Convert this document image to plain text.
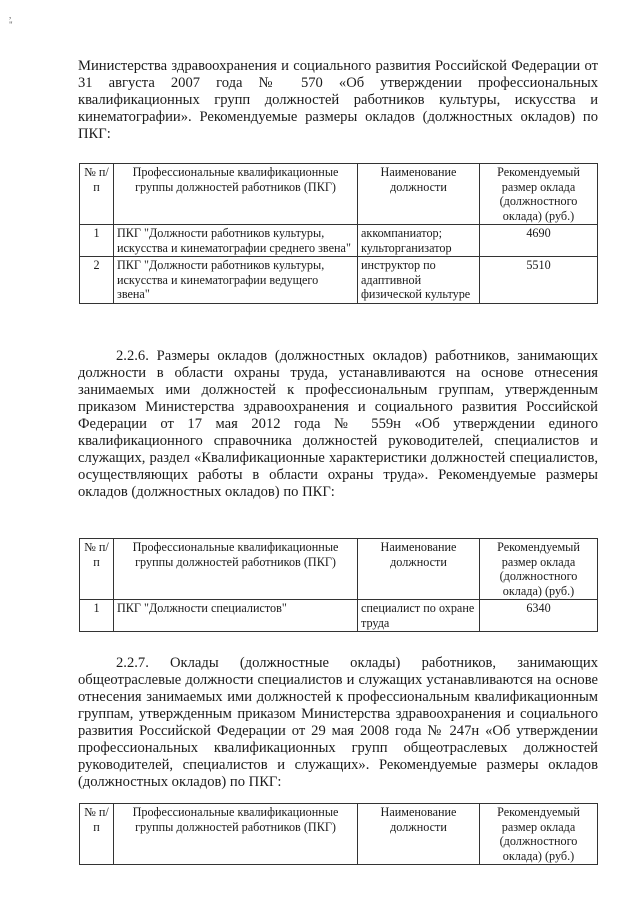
, "

Министерства здравоохранения и социального развития Российской Федерации от 31 августа 2007 года № 570 «Об утверждении профессиональных квалификационных групп должностей работников культуры, искусства и кинематографии». Рекомендуемые размеры окладов (должностных окладов) по ПКГ:

№ п/п	Профессиональные квалификационные группы должностей работников (ПКГ)	Наименование должности	Рекомендуемый размер оклада (должностного оклада) (руб.)
1	ПКГ "Должности работников культуры, искусства и кинематографии среднего звена"	аккомпаниатор; культорганизатор	4690
2	ПКГ "Должности работников культуры, искусства и кинематографии ведущего звена"	инструктор по адаптивной физической культуре	5510

2.2.6. Размеры окладов (должностных окладов) работников, занимающих должности в области охраны труда, устанавливаются на основе отнесения занимаемых ими должностей к профессиональным группам, утвержденным приказом Министерства здравоохранения и социального развития Российской Федерации от 17 мая 2012 года № 559н «Об утверждении единого квалификационного справочника должностей руководителей, специалистов и служащих, раздел «Квалификационные характеристики должностей специалистов, осуществляющих работы в области охраны труда». Рекомендуемые размеры окладов (должностных окладов) по ПКГ:

№ п/п	Профессиональные квалификационные группы должностей работников (ПКГ)	Наименование должности	Рекомендуемый размер оклада (должностного оклада) (руб.)
1	ПКГ "Должности специалистов"	специалист по охране труда	6340

2.2.7. Оклады (должностные оклады) работников, занимающих общеотраслевые должности специалистов и служащих устанавливаются на основе отнесения занимаемых ими должностей к профессиональным квалификационным группам, утвержденным приказом Министерства здравоохранения и социального развития Российской Федерации от 29 мая 2008 года № 247н «Об утверждении профессиональных квалификационных групп общеотраслевых должностей руководителей, специалистов и служащих». Рекомендуемые размеры окладов (должностных окладов) по ПКГ:

№ п/п	Профессиональные квалификационные группы должностей работников (ПКГ)	Наименование должности	Рекомендуемый размер оклада (должностного оклада) (руб.)
